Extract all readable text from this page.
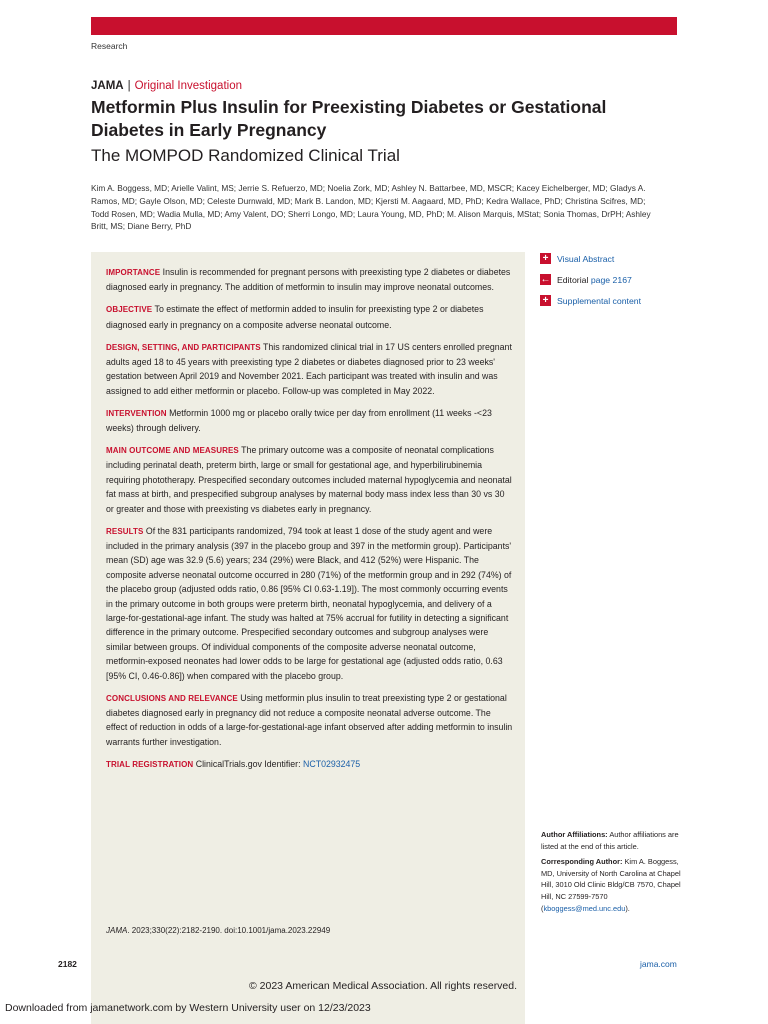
Research
JAMA | Original Investigation
Metformin Plus Insulin for Preexisting Diabetes or Gestational Diabetes in Early Pregnancy
The MOMPOD Randomized Clinical Trial
Kim A. Boggess, MD; Arielle Valint, MS; Jerrie S. Refuerzo, MD; Noelia Zork, MD; Ashley N. Battarbee, MD, MSCR; Kacey Eichelberger, MD; Gladys A. Ramos, MD; Gayle Olson, MD; Celeste Durnwald, MD; Mark B. Landon, MD; Kjersti M. Aagaard, MD, PhD; Kedra Wallace, PhD; Christina Scifres, MD; Todd Rosen, MD; Wadia Mulla, MD; Amy Valent, DO; Sherri Longo, MD; Laura Young, MD, PhD; M. Alison Marquis, MStat; Sonia Thomas, DrPH; Ashley Britt, MS; Diane Berry, PhD
+ Visual Abstract
← Editorial
page 2167
+ Supplemental content

IMPORTANCE Insulin is recommended for pregnant persons with preexisting type 2 diabetes or diabetes diagnosed early in pregnancy. The addition of metformin to insulin may improve neonatal outcomes.

OBJECTIVE To estimate the effect of metformin added to insulin for preexisting type 2 or diabetes diagnosed early in pregnancy on a composite adverse neonatal outcome.

DESIGN, SETTING, AND PARTICIPANTS This randomized clinical trial in 17 US centers enrolled pregnant adults aged 18 to 45 years with preexisting type 2 diabetes or diabetes diagnosed prior to 23 weeks' gestation between April 2019 and November 2021. Each participant was treated with insulin and was assigned to add either metformin or placebo. Follow-up was completed in May 2022.

INTERVENTION Metformin 1000 mg or placebo orally twice per day from enrollment (11 weeks -<23 weeks) through delivery.

MAIN OUTCOME AND MEASURES The primary outcome was a composite of neonatal complications including perinatal death, preterm birth, large or small for gestational age, and hyperbilirubinemia requiring phototherapy. Prespecified secondary outcomes included maternal hypoglycemia and neonatal fat mass at birth, and prespecified subgroup analyses by maternal body mass index less than 30 vs 30 or greater and those with preexisting vs diabetes early in pregnancy.

RESULTS Of the 831 participants randomized, 794 took at least 1 dose of the study agent and were included in the primary analysis (397 in the placebo group and 397 in the metformin group). Participants' mean (SD) age was 32.9 (5.6) years; 234 (29%) were Black, and 412 (52%) were Hispanic. The composite adverse neonatal outcome occurred in 280 (71%) of the metformin group and in 292 (74%) of the placebo group (adjusted odds ratio, 0.86 [95% CI 0.63-1.19]). The most commonly occurring events in the primary outcome in both groups were preterm birth, neonatal hypoglycemia, and delivery of a large-for-gestational-age infant. The study was halted at 75% accrual for futility in detecting a significant difference in the primary outcome. Prespecified secondary outcomes and subgroup analyses were similar between groups. Of individual components of the composite adverse neonatal outcome, metformin-exposed neonates had lower odds to be large for gestational age (adjusted odds ratio, 0.63 [95% CI, 0.46-0.86]) when compared with the placebo group.

CONCLUSIONS AND RELEVANCE Using metformin plus insulin to treat preexisting type 2 or gestational diabetes diagnosed early in pregnancy did not reduce a composite neonatal adverse outcome. The effect of reduction in odds of a large-for-gestational-age infant observed after adding metformin to insulin warrants further investigation.

TRIAL REGISTRATION ClinicalTrials.gov Identifier: NCT02932475

JAMA. 2023;330(22):2182-2190. doi:10.1001/jama.2023.22949
Author Affiliations: Author affiliations are listed at the end of this article.
Corresponding Author: Kim A. Boggess, MD, University of North Carolina at Chapel Hill, 3010 Old Clinic Bldg/CB 7570, Chapel Hill, NC 27599-7570 (kboggess@med.unc.edu).
2182	jama.com
© 2023 American Medical Association. All rights reserved.
Downloaded from jamanetwork.com by Western University user on 12/23/2023
